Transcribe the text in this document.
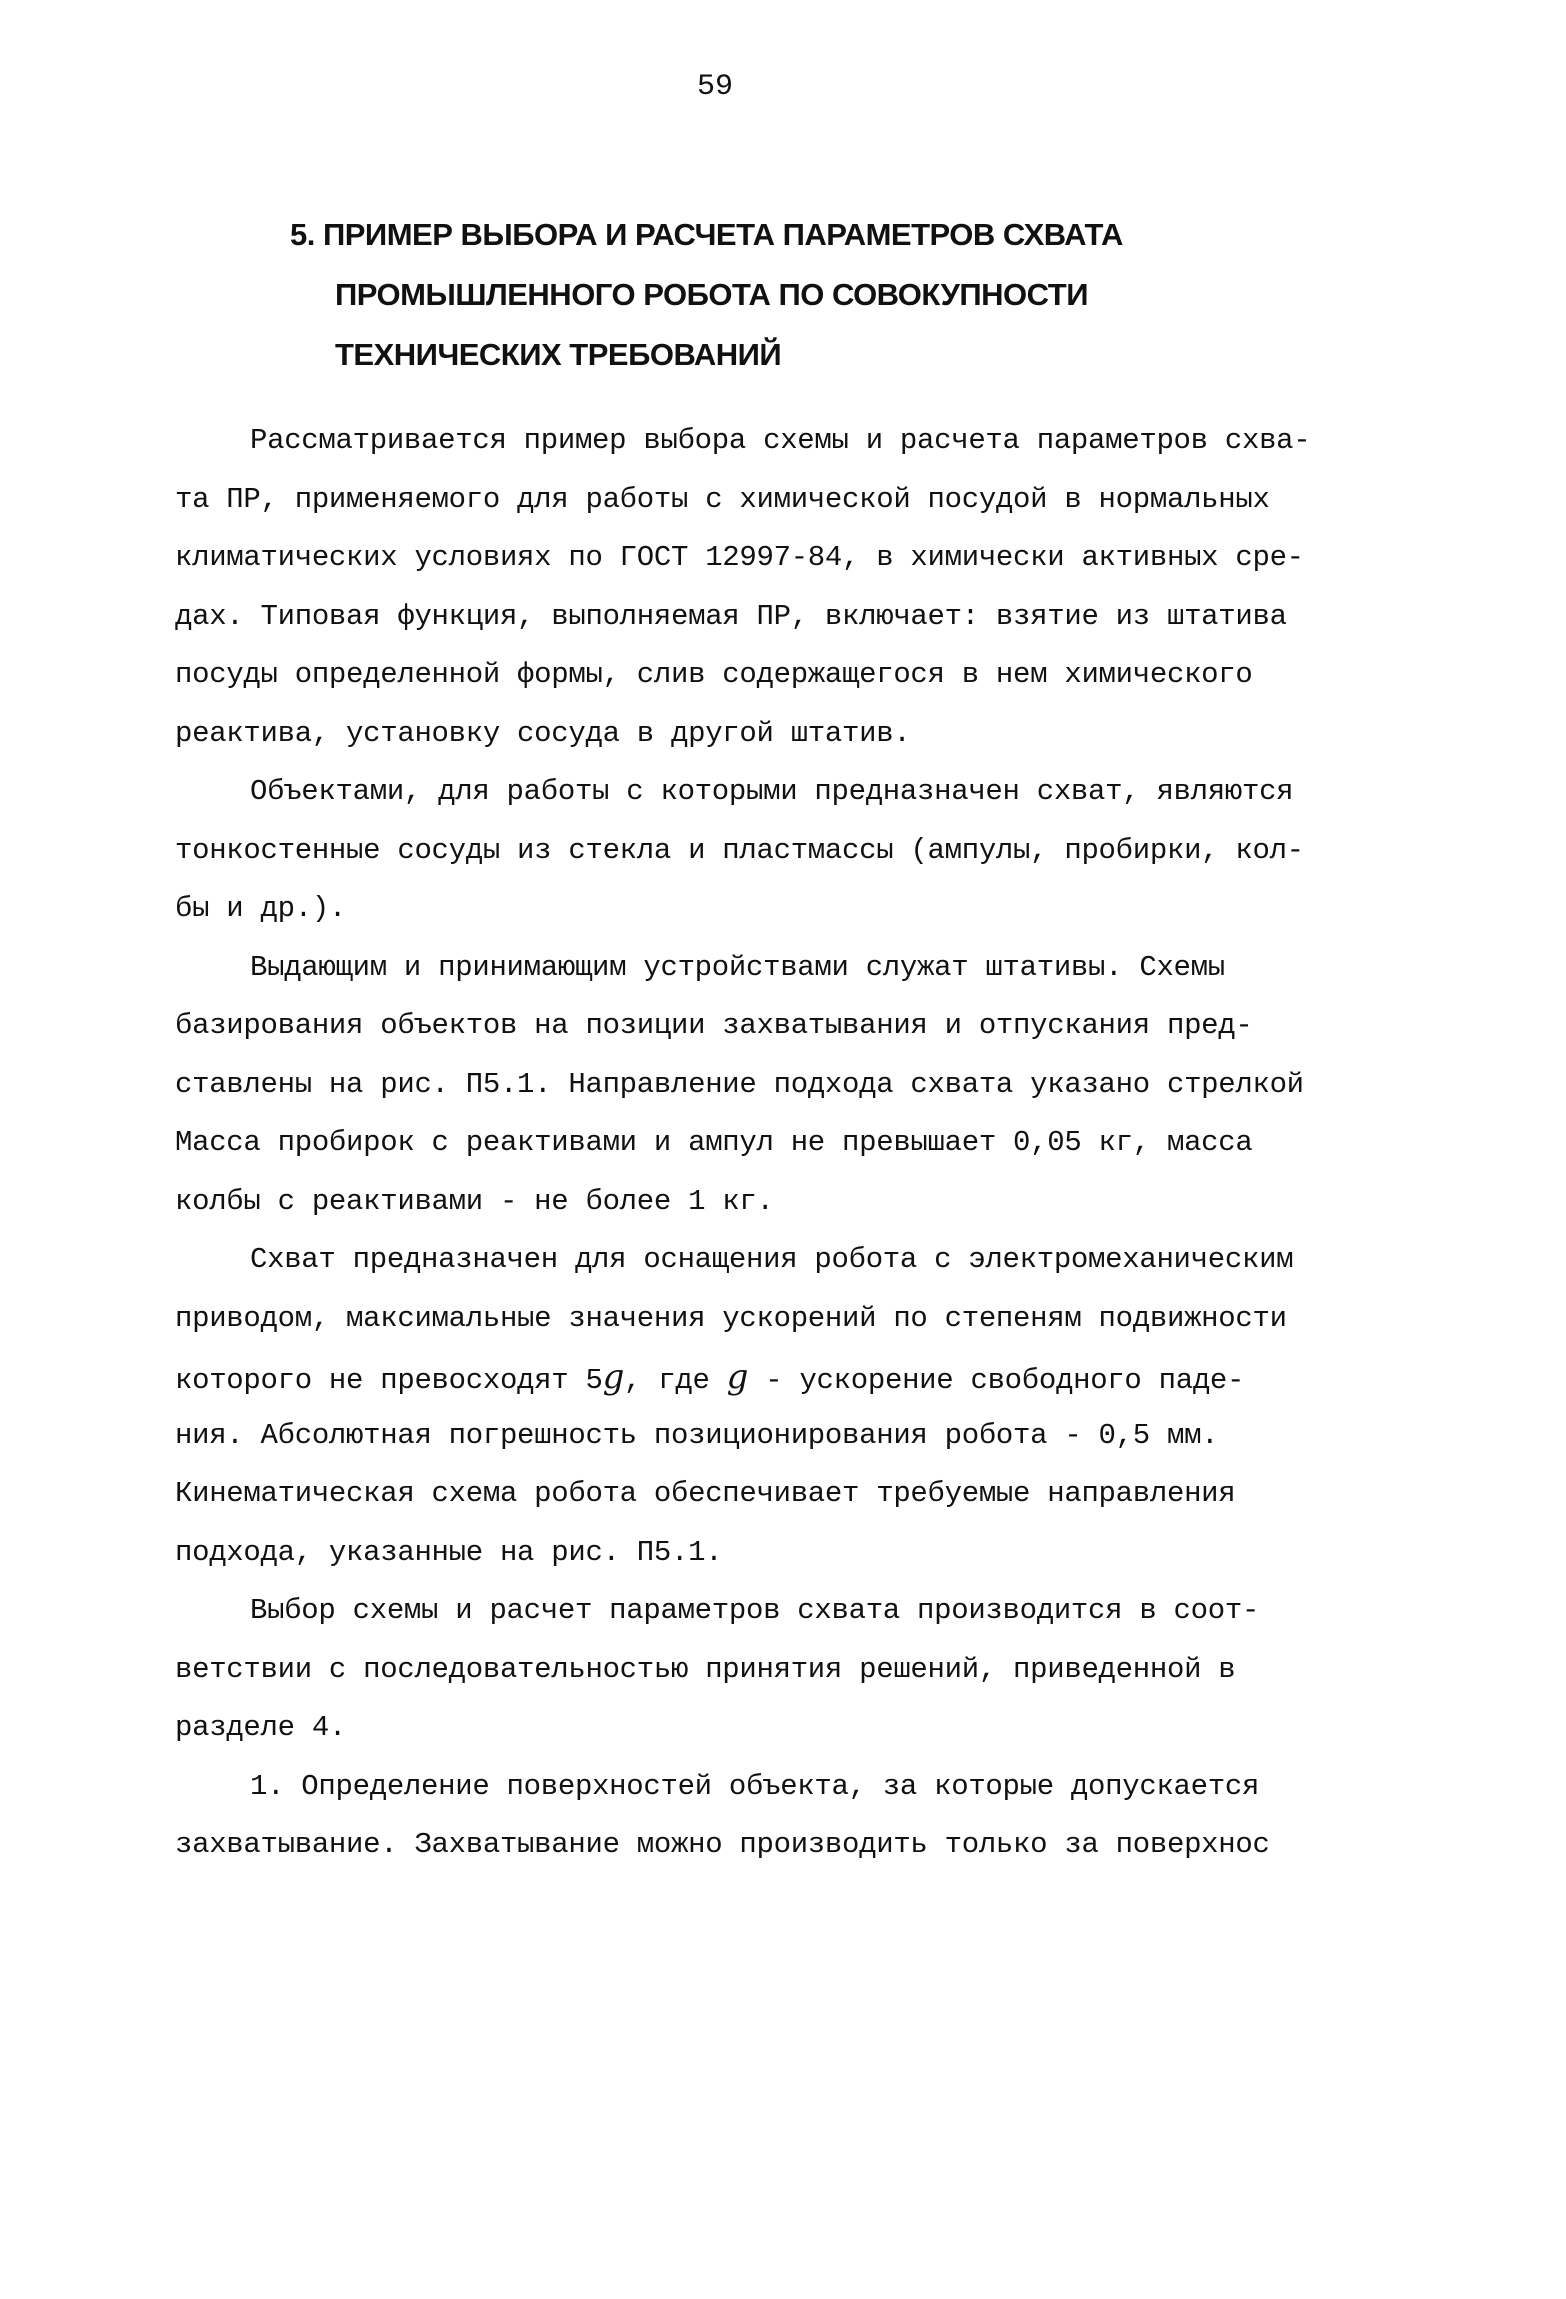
59
5. ПРИМЕР ВЫБОРА И РАСЧЕТА ПАРАМЕТРОВ СХВАТА
ПРОМЫШЛЕННОГО РОБОТА ПО СОВОКУПНОСТИ
ТЕХНИЧЕСКИХ ТРЕБОВАНИЙ
Рассматривается пример выбора схемы и расчета параметров схва-
та ПР, применяемого для работы с химической посудой в нормальных
климатических условиях по ГОСТ 12997-84, в химически активных сре-
дах. Типовая функция, выполняемая ПР, включает: взятие из штатива
посуды определенной формы, слив содержащегося в нем химического
реактива, установку сосуда в другой штатив.
Объектами, для работы с которыми предназначен схват, являются
тонкостенные сосуды из стекла и пластмассы (ампулы, пробирки, кол-
бы и др.).
Выдающим и принимающим устройствами служат штативы. Схемы
базирования объектов на позиции захватывания и отпускания пред-
ставлены на рис. П5.1. Направление подхода схвата указано стрелкой
Масса пробирок с реактивами и ампул не превышает 0,05 кг, масса
колбы с реактивами - не более 1 кг.
Схват предназначен для оснащения робота с электромеханическим
приводом, максимальные значения ускорений по степеням подвижности
которого не превосходят 5g, где g - ускорение свободного паде-
ния. Абсолютная погрешность позиционирования робота - 0,5 мм.
Кинематическая схема робота обеспечивает требуемые направления
подхода, указанные на рис. П5.1.
Выбор схемы и расчет параметров схвата производится в соот-
ветствии с последовательностью принятия решений, приведенной в
разделе 4.
1. Определение поверхностей объекта, за которые допускается
захватывание. Захватывание можно производить только за поверхнос
